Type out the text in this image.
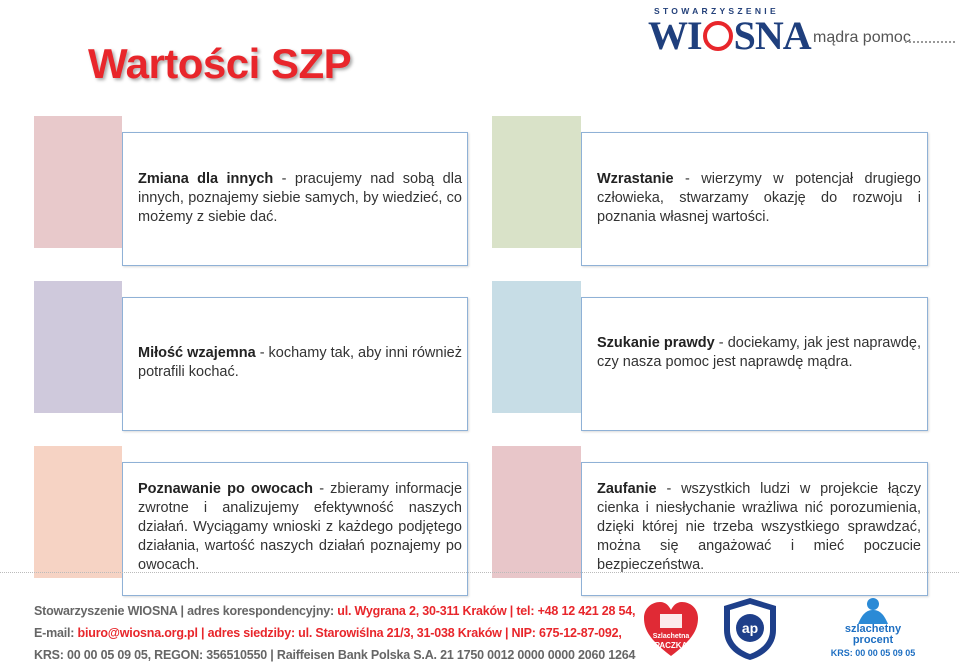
Wartości SZP
STOWARZYSZENIE
WI SNA mądra pomoc
Zmiana dla innych - pracujemy nad sobą dla innych, poznajemy siebie samych, by wiedzieć, co możemy z siebie dać.
Wzrastanie - wierzymy w potencjał drugiego człowieka, stwarzamy okazję do rozwoju i poznania własnej wartości.
Miłość wzajemna - kochamy tak, aby inni również potrafili kochać.
Szukanie prawdy - dociekamy, jak jest naprawdę, czy nasza pomoc jest naprawdę mądra.
Poznawanie po owocach - zbieramy informacje zwrotne i analizujemy efektywność naszych działań. Wyciągamy wnioski z każdego podjętego działania, wartość naszych działań poznajemy po owocach.
Zaufanie - wszystkich ludzi w projekcie łączy cienka i niesłychanie wrażliwa nić porozumienia, dzięki której nie trzeba wszystkiego sprawdzać, można się angażować i mieć poczucie bezpieczeństwa.
Stowarzyszenie WIOSNA | adres korespondencyjny: ul. Wygrana 2, 30-311 Kraków | tel: +48 12 421 28 54,
E-mail: biuro@wiosna.org.pl | adres siedziby: ul. Starowiślna 21/3, 31-038 Kraków | NIP: 675-12-87-092,
KRS: 00 00 05 09 05, REGON: 356510550 | Raiffeisen Bank Polska S.A. 21 1750 0012 0000 0000 2060 1264
Szlachetna
PACZKA
ap	szlachetny
procent
KRS: 00 00 05 09 05
